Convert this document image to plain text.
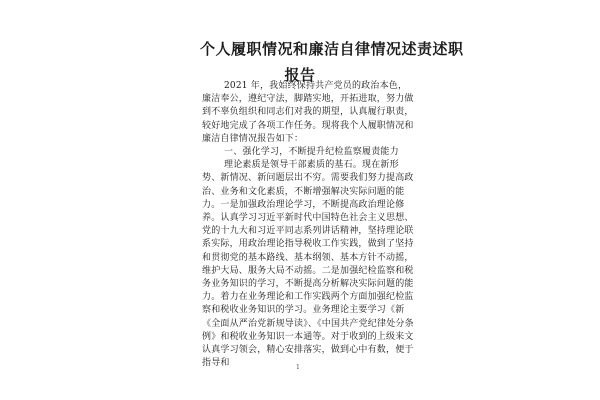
个人履职情况和廉洁自律情况述责述职
报告

2021 年，我始终保持共产党员的政治本色，廉洁奉公，遵纪守法，脚踏实地，开拓进取，努力做到不辜负组织和同志们对我的期望，认真履行职责，较好地完成了各项工作任务。现将我个人履职情况和廉洁自律情况报告如下：

一、强化学习，不断提升纪检监察履责能力

理论素质是领导干部素质的基石。现在新形势、新情况、新问题层出不穷。需要我们努力提高政治、业务和文化素质，不断增强解决实际问题的能力。一是加强政治理论学习，不断提高政治理论修养。认真学习习近平新时代中国特色社会主义思想、党的十九大和习近平同志系列讲话精神，坚持理论联系实际，用政治理论指导税收工作实践，做到了坚持和贯彻党的基本路线、基本纲领、基本方针不动摇，维护大局、服务大局不动摇。二是加强纪检监察和税务业务知识的学习，不断提高分析解决实际问题的能力。着力在业务理论和工作实践两个方面加强纪检监察和税收业务知识的学习。业务理论主要学习《新《全面从严治党新规导读》、《中国共产党纪律处分条例》和税收业务知识一本通等。对于收到的上级来文认真学习领会，精心安排落实，做到心中有数，便于指导和	1
